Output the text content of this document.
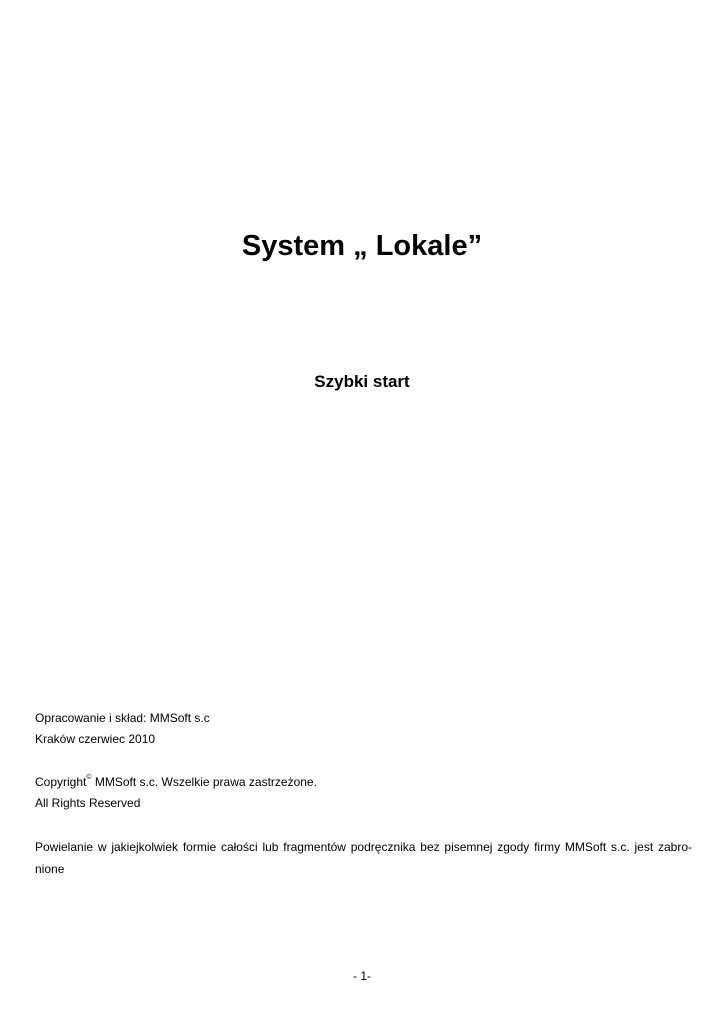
System „ Lokale”
Szybki start
Opracowanie i skład: MMSoft s.c
Kraków czerwiec 2010
Copyright© MMSoft s.c. Wszelkie prawa zastrzeżone.
All Rights Reserved
Powielanie w jakiejkolwiek formie całości lub fragmentów podręcznika bez pisemnej zgody firmy MMSoft s.c. jest zabro-
nione
- 1-
